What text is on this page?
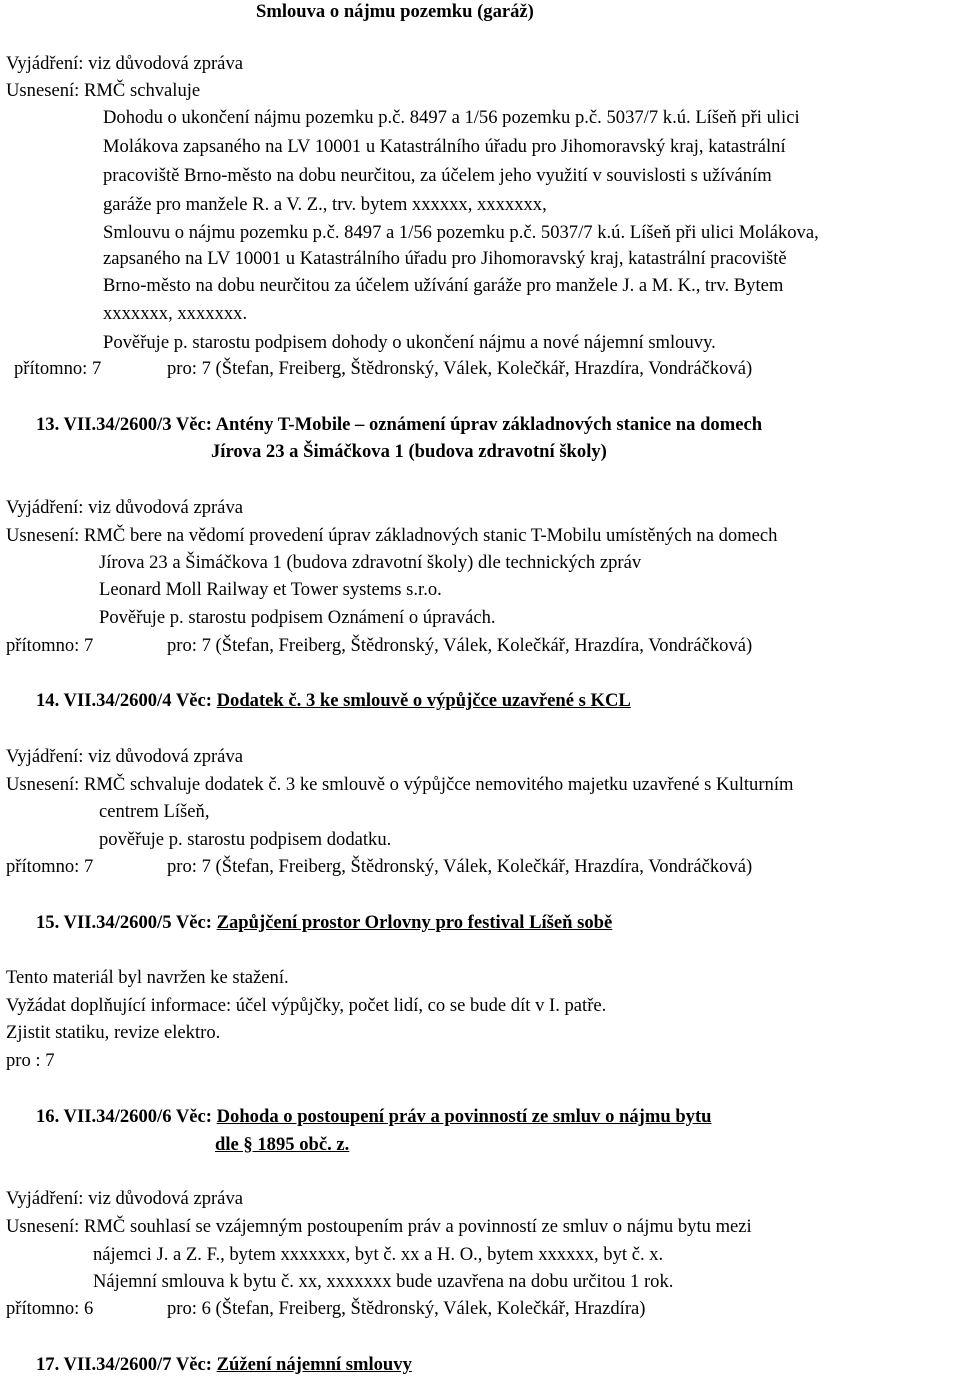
Smlouva o nájmu pozemku (garáž)
Vyjádření: viz důvodová zpráva
Usnesení: RMČ schvaluje
Dohodu o ukončení nájmu pozemku p.č. 8497 a 1/56 pozemku p.č. 5037/7 k.ú. Líšeň při ulici
Molákova zapsaného na LV 10001 u Katastrálního úřadu pro Jihomoravský kraj, katastrální
pracoviště Brno-město na dobu neurčitou, za účelem jeho využití v souvislosti s užíváním
garáže pro manžele R. a V. Z., trv. bytem xxxxxx, xxxxxxx,
Smlouvu o nájmu pozemku p.č. 8497 a 1/56 pozemku p.č. 5037/7 k.ú. Líšeň při ulici Molákova,
zapsaného na LV 10001 u Katastrálního úřadu pro Jihomoravský kraj, katastrální pracoviště
Brno-město na dobu neurčitou za účelem užívání garáže pro manžele J. a M. K., trv. Bytem
xxxxxxx, xxxxxxx.
Pověřuje p. starostu podpisem dohody o ukončení nájmu a nové nájemní smlouvy.
přítomno: 7	pro: 7 (Štefan, Freiberg, Štědronský, Válek, Kolečkář, Hrazdíra, Vondráčková)
13. VII.34/2600/3 Věc: Antény T-Mobile – oznámení úprav základnových stanice na domech
Jírova 23 a Šimáčkova 1 (budova zdravotní školy)
Vyjádření: viz důvodová zpráva
Usnesení: RMČ bere na vědomí provedení úprav základnových stanic T-Mobilu umístěných na domech
Jírova 23 a Šimáčkova 1 (budova zdravotní školy) dle technických zpráv
Leonard Moll Railway et Tower systems s.r.o.
Pověřuje p. starostu podpisem Oznámení o úpravách.
přítomno: 7	pro: 7 (Štefan, Freiberg, Štědronský, Válek, Kolečkář, Hrazdíra, Vondráčková)
14. VII.34/2600/4 Věc: Dodatek č. 3 ke smlouvě o výpůjčce uzavřené s KCL
Vyjádření: viz důvodová zpráva
Usnesení: RMČ schvaluje dodatek č. 3 ke smlouvě o výpůjčce nemovitého majetku uzavřené s Kulturním
centrem Líšeň,
pověřuje p. starostu podpisem dodatku.
přítomno: 7	pro: 7 (Štefan, Freiberg, Štědronský, Válek, Kolečkář, Hrazdíra, Vondráčková)
15. VII.34/2600/5 Věc: Zapůjčení prostor Orlovny pro festival Líšeň sobě
Tento materiál byl navržen ke stažení.
Vyžádat doplňující informace: účel výpůjčky, počet lidí, co se bude dít v I. patře.
Zjistit statiku, revize elektro.
pro : 7
16. VII.34/2600/6 Věc: Dohoda o postoupení práv a povinností ze smluv o nájmu bytu
dle § 1895 obč. z.
Vyjádření: viz důvodová zpráva
Usnesení: RMČ souhlasí se vzájemným postoupením práv a povinností ze smluv o nájmu bytu mezi
nájemci J. a Z. F., bytem xxxxxxx, byt č. xx a H. O., bytem xxxxxx, byt č. x.
Nájemní smlouva k bytu č. xx, xxxxxxx bude uzavřena na dobu určitou 1 rok.
přítomno: 6	pro: 6 (Štefan, Freiberg, Štědronský, Válek, Kolečkář, Hrazdíra)
17. VII.34/2600/7 Věc: Zúžení nájemní smlouvy
